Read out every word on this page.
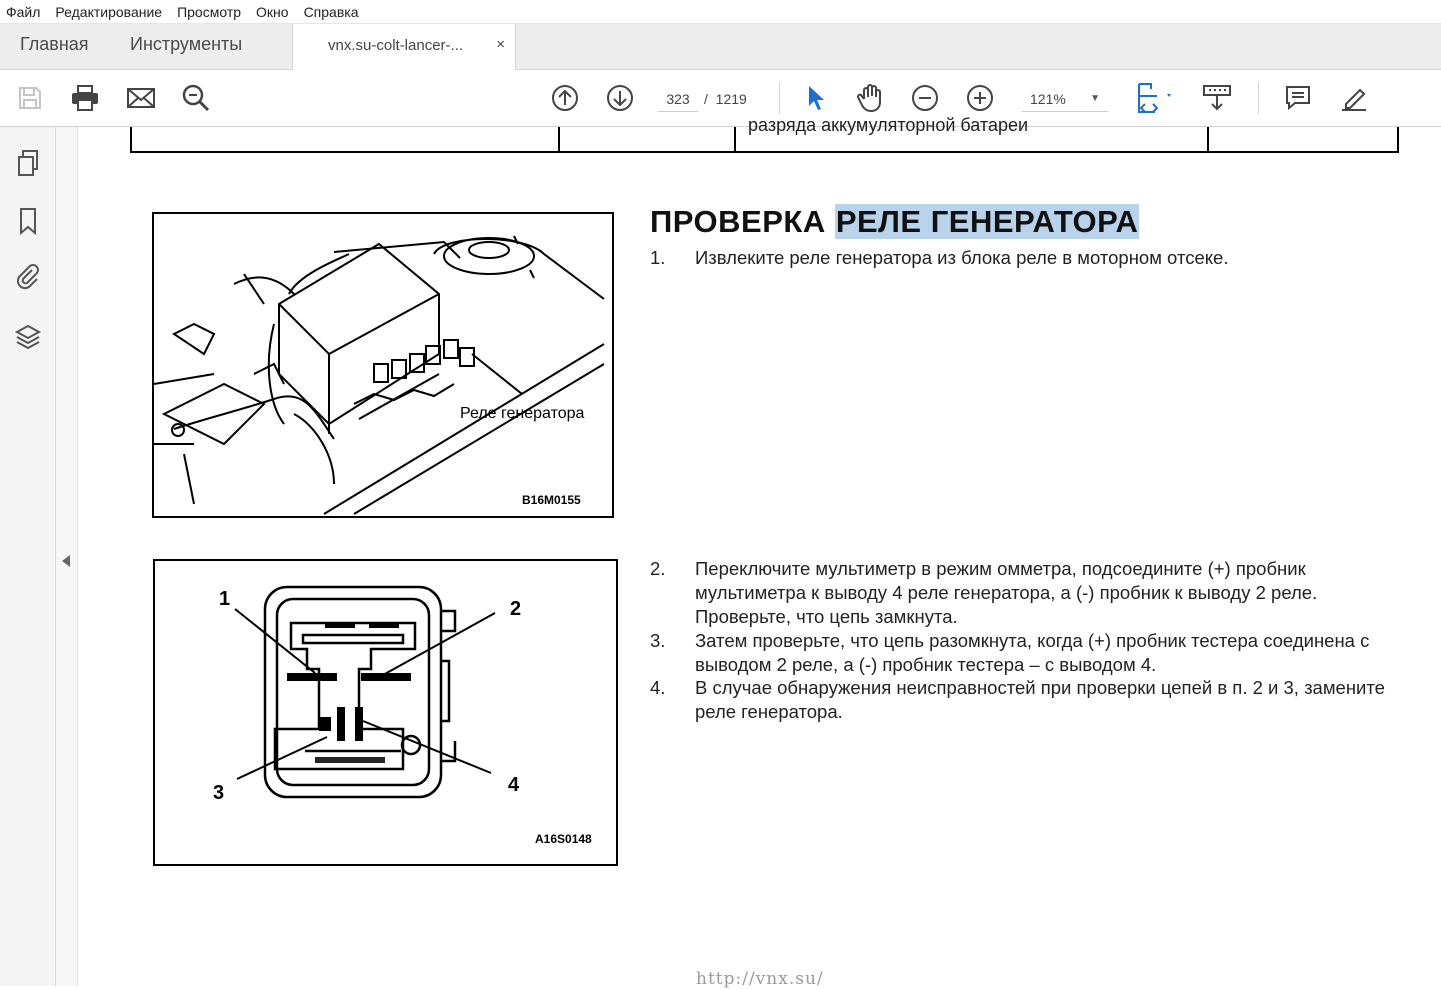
Файл Редактирование Просмотр Окно Справка
Главная Инструменты	vnx.su-colt-lancer-... ×
323	/ 1219	121% ▼
разряда аккумуляторной батареи
ПРОВЕРКА РЕЛЕ ГЕНЕРАТОРА
1. Извлеките реле генератора из блока реле в моторном отсеке.
2. Переключите мультиметр в режим омметра, подсоедините (+) пробник мультиметра к выводу 4 реле генератора, а (-) пробник к выводу 2 реле. Проверьте, что цепь замкнута.
3. Затем проверьте, что цепь разомкнута, когда (+) пробник тестера соединена с выводом 2 реле, а (-) пробник тестера – с выводом 4.
4. В случае обнаружения неисправностей при проверки цепей в п. 2 и 3, замените реле генератора.
Реле генератора
B16M0155
1	2
3	4
A16S0148
http://vnx.su/
